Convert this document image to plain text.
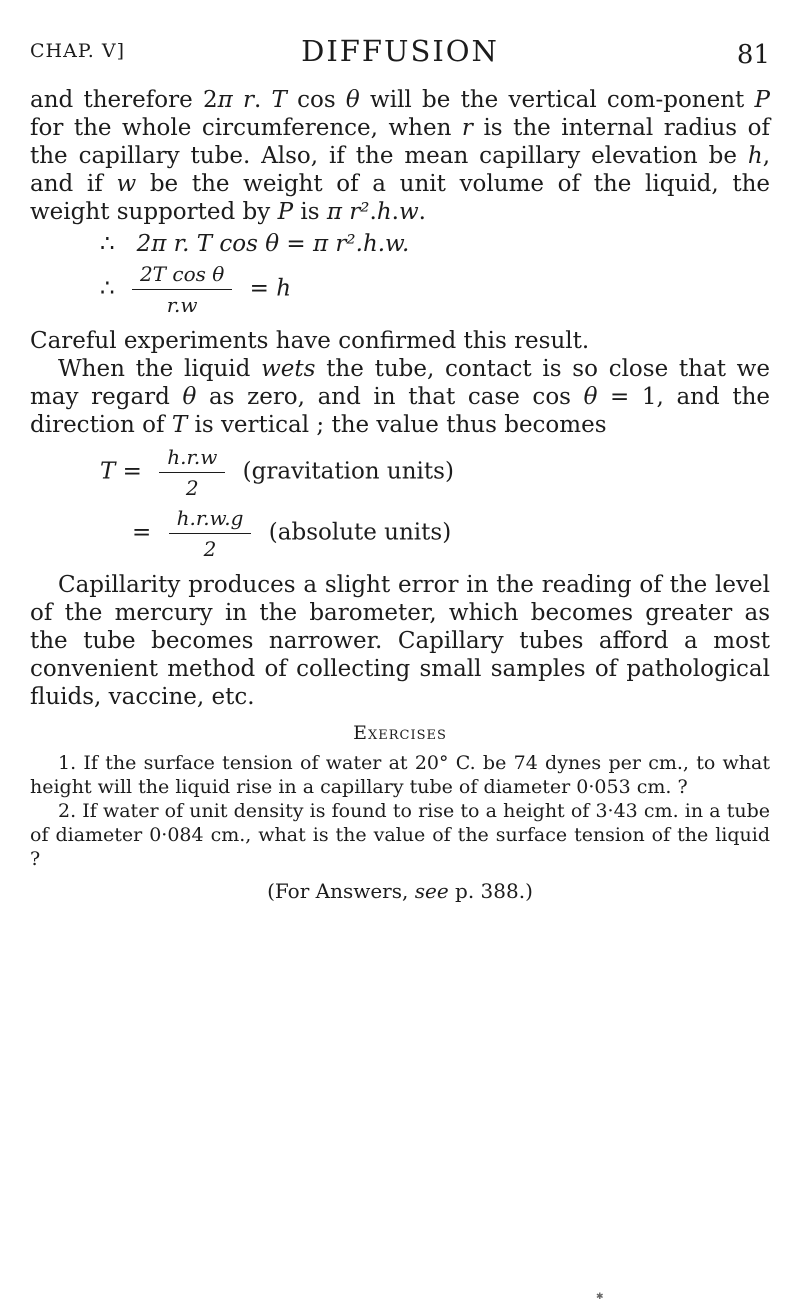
CHAP. V]	DIFFUSION	81

and therefore 2π r. T cos θ will be the vertical com-ponent P for the whole circumference, when r is the internal radius of the capillary tube. Also, if the mean capillary elevation be h, and if w be the weight of a unit volume of the liquid, the weight supported by P is π r².h.w.

∴ 2π r. T cos θ = π r².h.w.
∴ $\frac{\text{2T cos θ}}{r.w} = h$

Careful experiments have confirmed this result.

When the liquid wets the tube, contact is so close that we may regard θ as zero, and in that case cos θ = 1, and the direction of T is vertical ; the value thus becomes

$T = \frac{h.r.w}{2}$ (gravitation units)
= $\frac{h.r.w.g}{2}$ (absolute units)

Capillarity produces a slight error in the reading of the level of the mercury in the barometer, which becomes greater as the tube becomes narrower. Capillary tubes afford a most convenient method of collecting small samples of pathological fluids, vaccine, etc.

Exercises

1. If the surface tension of water at 20° C. be 74 dynes per cm., to what height will the liquid rise in a capillary tube of diameter 0·053 cm. ?

2. If water of unit density is found to rise to a height of 3·43 cm. in a tube of diameter 0·084 cm., what is the value of the surface tension of the liquid ?

(For Answers, see p. 388.)
✱
